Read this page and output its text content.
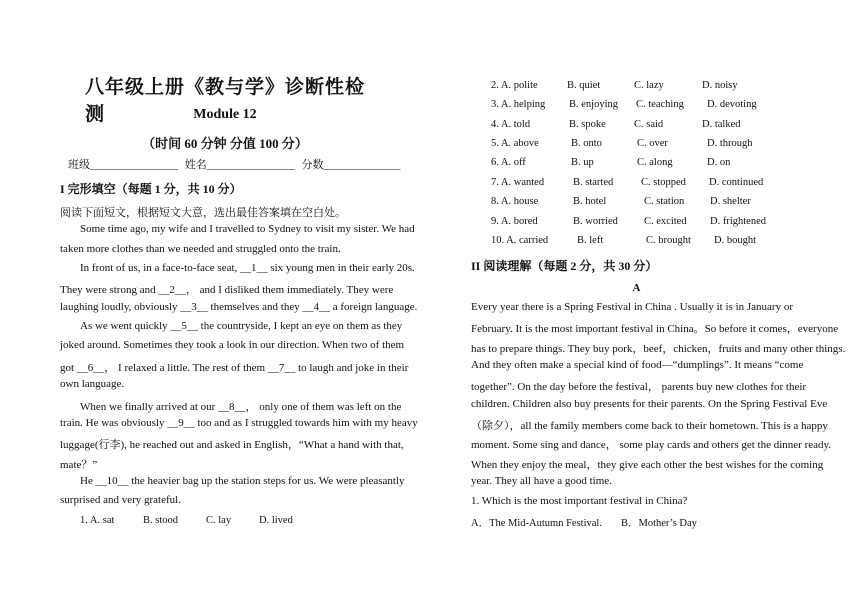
八年级上册《教与学》诊断性检测	Module 12
（时间 60 分钟 分值 100 分）
班级________________ 姓名________________ 分数______________
I 完形填空（每题 1 分，共 10 分）
阅读下面短文，根据短文大意，选出最佳答案填在空白处。
Some time ago, my wife and I travelled to Sydney to visit my sister. We had
taken more clothes than we needed and struggled onto the train.
In front of us, in a face-to-face seat, __1__ six young men in their early 20s.
They were strong and __2__， and I disliked them immediately. They were
laughing loudly, obviously __3__ themselves and they __4__ a foreign language.
As we went quickly __5__ the countryside, I kept an eye on them as they
joked around. Sometimes they took a look in our direction. When two of them
got __6__， I relaxed a little. The rest of them __7__ to laugh and joke in their
own language.
When we finally arrived at our __8__， only one of them was left on the
train. He was obviously __9__ too and as I struggled towards him with my heavy
luggage(行李), he reached out and asked in English，“What a hand with that,
mate？”
He __10__ the heavier bag up the station steps for us. We were pleasantly
surprised and very grateful.
1. A. sat	B. stood	C. lay	D. lived
2. A. polite	B. quiet	C. lazy	D. noisy
3. A. helping B. enjoying C. teaching D. devoting
4. A. told	B. spoke	C. said	D. talked
5. A. above	B. onto	C. over	D. through
6. A. off	B. up	C. along	D. on
7. A. wanted	B. started	C. stopped D. continued
8. A. house	B. hotel	C. station D. shelter
9. A. bored	B. worried C. excited D. frightened
10. A. carried	B. left	C. brought D. bought
II 阅读理解（每题 2 分，共 30 分）
A
Every year there is a Spring Festival in China . Usually it is in January or
February. It is the most important festival in China。So before it comes，everyone
has to prepare things. They buy pork，beef，chicken，fruits and many other things.
And they often make a special kind of food—“dumplings”. It means “come
together”. On the day before the festival， parents buy new clothes for their
children. Children also buy presents for their parents. On the Spring Festival Eve
（除夕），all the family members come back to their hometown. This is a happy
moment. Some sing and dance， some play cards and others get the dinner ready.
When they enjoy the meal，they give each other the best wishes for the coming
year. They all have a good time.
1. Which is the most important festival in China?
A．The Mid-Autumn Festival. B．Mother’s Day
